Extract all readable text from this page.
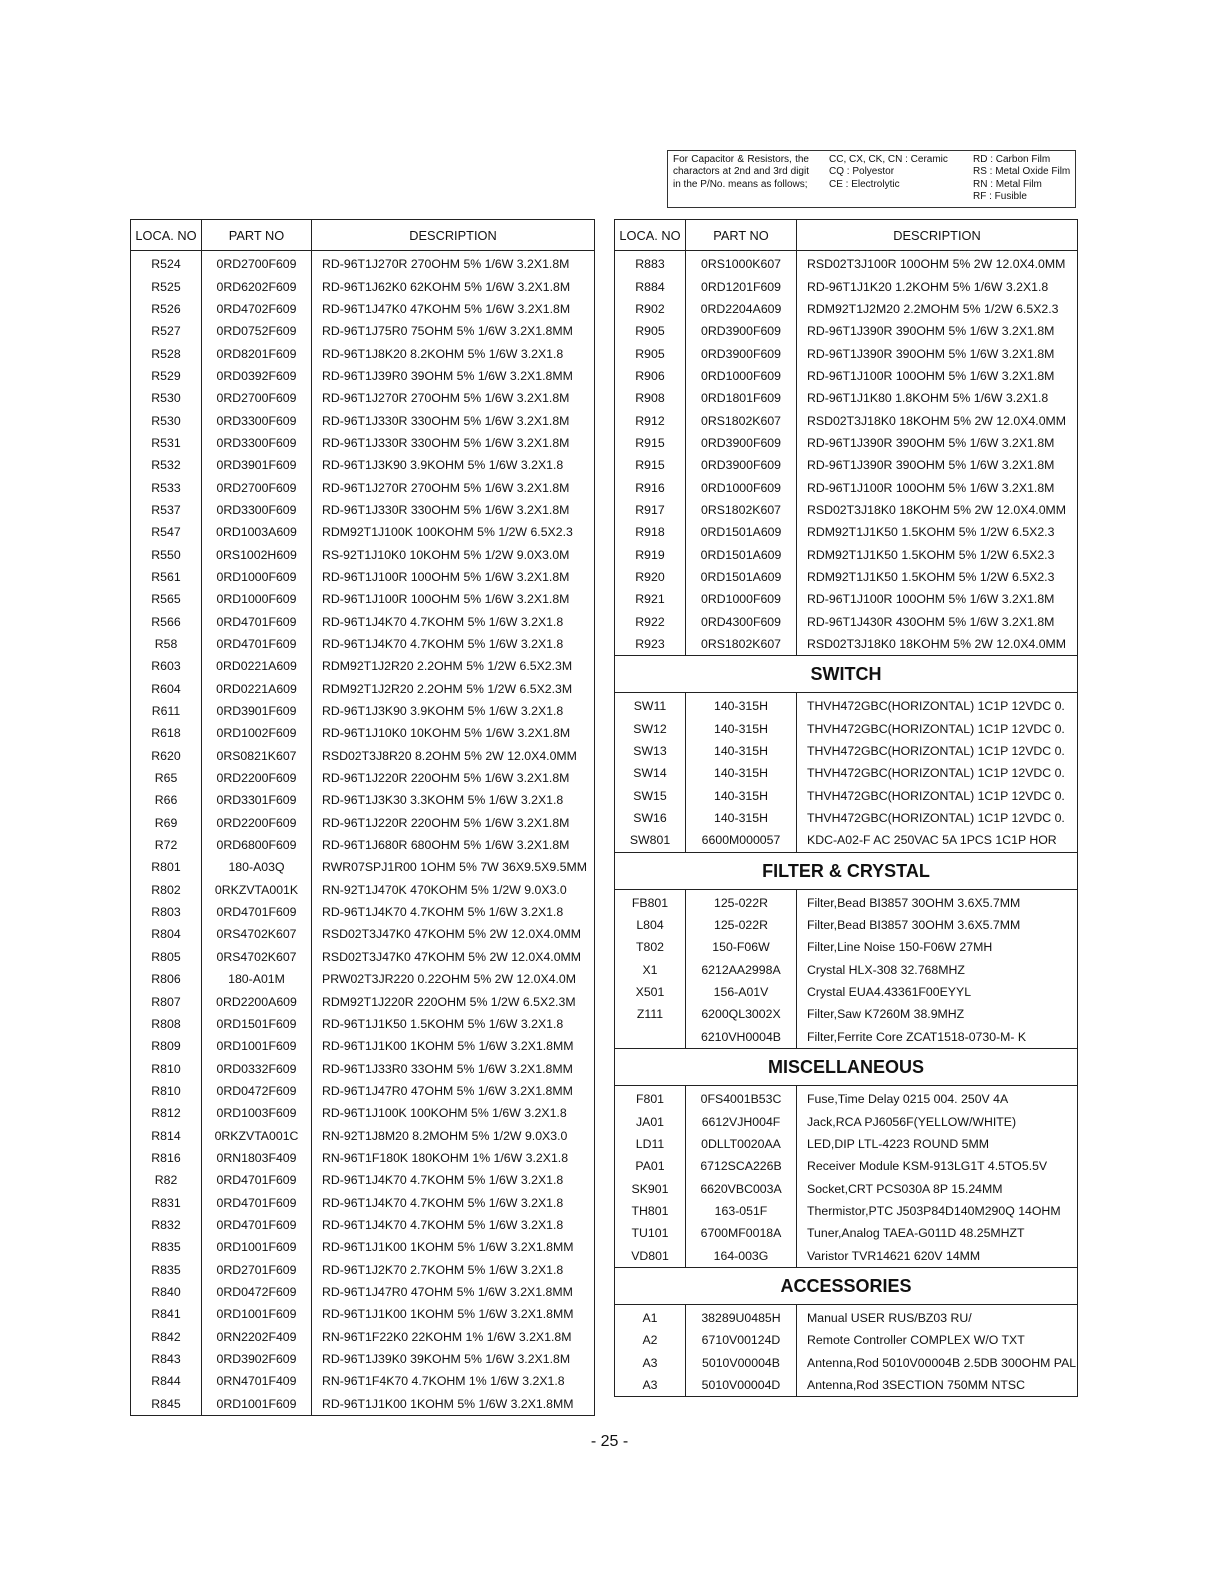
For Capacitor & Resistors, the charactors at 2nd and 3rd digit in the P/No. means as follows;
CC, CX, CK, CN : Ceramic
CQ : Polyestor
CE : Electrolytic
RD : Carbon Film
RS : Metal Oxide Film
RN : Metal Film
RF : Fusible
LOCA. NO	PART NO	DESCRIPTION
R524	0RD2700F609	RD-96T1J270R 270OHM 5% 1/6W 3.2X1.8M
R525	0RD6202F609	RD-96T1J62K0 62KOHM 5% 1/6W 3.2X1.8M
R526	0RD4702F609	RD-96T1J47K0 47KOHM 5% 1/6W 3.2X1.8M
R527	0RD0752F609	RD-96T1J75R0 75OHM 5% 1/6W 3.2X1.8MM
R528	0RD8201F609	RD-96T1J8K20 8.2KOHM 5% 1/6W 3.2X1.8
R529	0RD0392F609	RD-96T1J39R0 39OHM 5% 1/6W 3.2X1.8MM
R530	0RD2700F609	RD-96T1J270R 270OHM 5% 1/6W 3.2X1.8M
R530	0RD3300F609	RD-96T1J330R 330OHM 5% 1/6W 3.2X1.8M
R531	0RD3300F609	RD-96T1J330R 330OHM 5% 1/6W 3.2X1.8M
R532	0RD3901F609	RD-96T1J3K90 3.9KOHM 5% 1/6W 3.2X1.8
R533	0RD2700F609	RD-96T1J270R 270OHM 5% 1/6W 3.2X1.8M
R537	0RD3300F609	RD-96T1J330R 330OHM 5% 1/6W 3.2X1.8M
R547	0RD1003A609	RDM92T1J100K 100KOHM 5% 1/2W 6.5X2.3
R550	0RS1002H609	RS-92T1J10K0 10KOHM 5% 1/2W 9.0X3.0M
R561	0RD1000F609	RD-96T1J100R 100OHM 5% 1/6W 3.2X1.8M
R565	0RD1000F609	RD-96T1J100R 100OHM 5% 1/6W 3.2X1.8M
R566	0RD4701F609	RD-96T1J4K70 4.7KOHM 5% 1/6W 3.2X1.8
R58	0RD4701F609	RD-96T1J4K70 4.7KOHM 5% 1/6W 3.2X1.8
R603	0RD0221A609	RDM92T1J2R20 2.2OHM 5% 1/2W 6.5X2.3M
R604	0RD0221A609	RDM92T1J2R20 2.2OHM 5% 1/2W 6.5X2.3M
R611	0RD3901F609	RD-96T1J3K90 3.9KOHM 5% 1/6W 3.2X1.8
R618	0RD1002F609	RD-96T1J10K0 10KOHM 5% 1/6W 3.2X1.8M
R620	0RS0821K607	RSD02T3J8R20 8.2OHM 5% 2W 12.0X4.0MM
R65	0RD2200F609	RD-96T1J220R 220OHM 5% 1/6W 3.2X1.8M
R66	0RD3301F609	RD-96T1J3K30 3.3KOHM 5% 1/6W 3.2X1.8
R69	0RD2200F609	RD-96T1J220R 220OHM 5% 1/6W 3.2X1.8M
R72	0RD6800F609	RD-96T1J680R 680OHM 5% 1/6W 3.2X1.8M
R801	180-A03Q	RWR07SPJ1R00 1OHM 5% 7W 36X9.5X9.5MM
R802	0RKZVTA001K	RN-92T1J470K 470KOHM 5% 1/2W 9.0X3.0
R803	0RD4701F609	RD-96T1J4K70 4.7KOHM 5% 1/6W 3.2X1.8
R804	0RS4702K607	RSD02T3J47K0 47KOHM 5% 2W 12.0X4.0MM
R805	0RS4702K607	RSD02T3J47K0 47KOHM 5% 2W 12.0X4.0MM
R806	180-A01M	PRW02T3JR220 0.22OHM 5% 2W 12.0X4.0M
R807	0RD2200A609	RDM92T1J220R 220OHM 5% 1/2W 6.5X2.3M
R808	0RD1501F609	RD-96T1J1K50 1.5KOHM 5% 1/6W 3.2X1.8
R809	0RD1001F609	RD-96T1J1K00 1KOHM 5% 1/6W 3.2X1.8MM
R810	0RD0332F609	RD-96T1J33R0 33OHM 5% 1/6W 3.2X1.8MM
R810	0RD0472F609	RD-96T1J47R0 47OHM 5% 1/6W 3.2X1.8MM
R812	0RD1003F609	RD-96T1J100K 100KOHM 5% 1/6W 3.2X1.8
R814	0RKZVTA001C	RN-92T1J8M20 8.2MOHM 5% 1/2W 9.0X3.0
R816	0RN1803F409	RN-96T1F180K 180KOHM 1% 1/6W 3.2X1.8
R82	0RD4701F609	RD-96T1J4K70 4.7KOHM 5% 1/6W 3.2X1.8
R831	0RD4701F609	RD-96T1J4K70 4.7KOHM 5% 1/6W 3.2X1.8
R832	0RD4701F609	RD-96T1J4K70 4.7KOHM 5% 1/6W 3.2X1.8
R835	0RD1001F609	RD-96T1J1K00 1KOHM 5% 1/6W 3.2X1.8MM
R835	0RD2701F609	RD-96T1J2K70 2.7KOHM 5% 1/6W 3.2X1.8
R840	0RD0472F609	RD-96T1J47R0 47OHM 5% 1/6W 3.2X1.8MM
R841	0RD1001F609	RD-96T1J1K00 1KOHM 5% 1/6W 3.2X1.8MM
R842	0RN2202F409	RN-96T1F22K0 22KOHM 1% 1/6W 3.2X1.8M
R843	0RD3902F609	RD-96T1J39K0 39KOHM 5% 1/6W 3.2X1.8M
R844	0RN4701F409	RN-96T1F4K70 4.7KOHM 1% 1/6W 3.2X1.8
R845	0RD1001F609	RD-96T1J1K00 1KOHM 5% 1/6W 3.2X1.8MM
LOCA. NO	PART NO	DESCRIPTION
R883	0RS1000K607	RSD02T3J100R 100OHM 5% 2W 12.0X4.0MM
R884	0RD1201F609	RD-96T1J1K20 1.2KOHM 5% 1/6W 3.2X1.8
R902	0RD2204A609	RDM92T1J2M20 2.2MOHM 5% 1/2W 6.5X2.3
R905	0RD3900F609	RD-96T1J390R 390OHM 5% 1/6W 3.2X1.8M
R905	0RD3900F609	RD-96T1J390R 390OHM 5% 1/6W 3.2X1.8M
R906	0RD1000F609	RD-96T1J100R 100OHM 5% 1/6W 3.2X1.8M
R908	0RD1801F609	RD-96T1J1K80 1.8KOHM 5% 1/6W 3.2X1.8
R912	0RS1802K607	RSD02T3J18K0 18KOHM 5% 2W 12.0X4.0MM
R915	0RD3900F609	RD-96T1J390R 390OHM 5% 1/6W 3.2X1.8M
R915	0RD3900F609	RD-96T1J390R 390OHM 5% 1/6W 3.2X1.8M
R916	0RD1000F609	RD-96T1J100R 100OHM 5% 1/6W 3.2X1.8M
R917	0RS1802K607	RSD02T3J18K0 18KOHM 5% 2W 12.0X4.0MM
R918	0RD1501A609	RDM92T1J1K50 1.5KOHM 5% 1/2W 6.5X2.3
R919	0RD1501A609	RDM92T1J1K50 1.5KOHM 5% 1/2W 6.5X2.3
R920	0RD1501A609	RDM92T1J1K50 1.5KOHM 5% 1/2W 6.5X2.3
R921	0RD1000F609	RD-96T1J100R 100OHM 5% 1/6W 3.2X1.8M
R922	0RD4300F609	RD-96T1J430R 430OHM 5% 1/6W 3.2X1.8M
R923	0RS1802K607	RSD02T3J18K0 18KOHM 5% 2W 12.0X4.0MM
SWITCH		
SW11	140-315H	THVH472GBC(HORIZONTAL) 1C1P 12VDC 0.
SW12	140-315H	THVH472GBC(HORIZONTAL) 1C1P 12VDC 0.
SW13	140-315H	THVH472GBC(HORIZONTAL) 1C1P 12VDC 0.
SW14	140-315H	THVH472GBC(HORIZONTAL) 1C1P 12VDC 0.
SW15	140-315H	THVH472GBC(HORIZONTAL) 1C1P 12VDC 0.
SW16	140-315H	THVH472GBC(HORIZONTAL) 1C1P 12VDC 0.
SW801	6600M000057	KDC-A02-F AC 250VAC 5A 1PCS 1C1P HOR
FILTER & CRYSTAL		
FB801	125-022R	Filter,Bead BI3857 30OHM 3.6X5.7MM
L804	125-022R	Filter,Bead BI3857 30OHM 3.6X5.7MM
T802	150-F06W	Filter,Line Noise 150-F06W 27MH
X1	6212AA2998A	Crystal HLX-308 32.768MHZ
X501	156-A01V	Crystal EUA4.43361F00EYYL
Z111	6200QL3002X	Filter,Saw K7260M 38.9MHZ
	6210VH0004B	Filter,Ferrite Core ZCAT1518-0730-M- K
MISCELLANEOUS		
F801	0FS4001B53C	Fuse,Time Delay 0215 004. 250V 4A
JA01	6612VJH004F	Jack,RCA PJ6056F(YELLOW/WHITE)
LD11	0DLLT0020AA	LED,DIP LTL-4223 ROUND 5MM
PA01	6712SCA226B	Receiver Module KSM-913LG1T 4.5TO5.5V
SK901	6620VBC003A	Socket,CRT PCS030A 8P 15.24MM
TH801	163-051F	Thermistor,PTC J503P84D140M290Q 14OHM
TU101	6700MF0018A	Tuner,Analog TAEA-G011D 48.25MHZT
VD801	164-003G	Varistor TVR14621 620V 14MM
ACCESSORIES		
A1	38289U0485H	Manual USER RUS/BZ03 RU/
A2	6710V00124D	Remote Controller COMPLEX W/O TXT
A3	5010V00004B	Antenna,Rod 5010V00004B 2.5DB 300OHM PAL
A3	5010V00004D	Antenna,Rod 3SECTION 750MM NTSC
- 25 -
